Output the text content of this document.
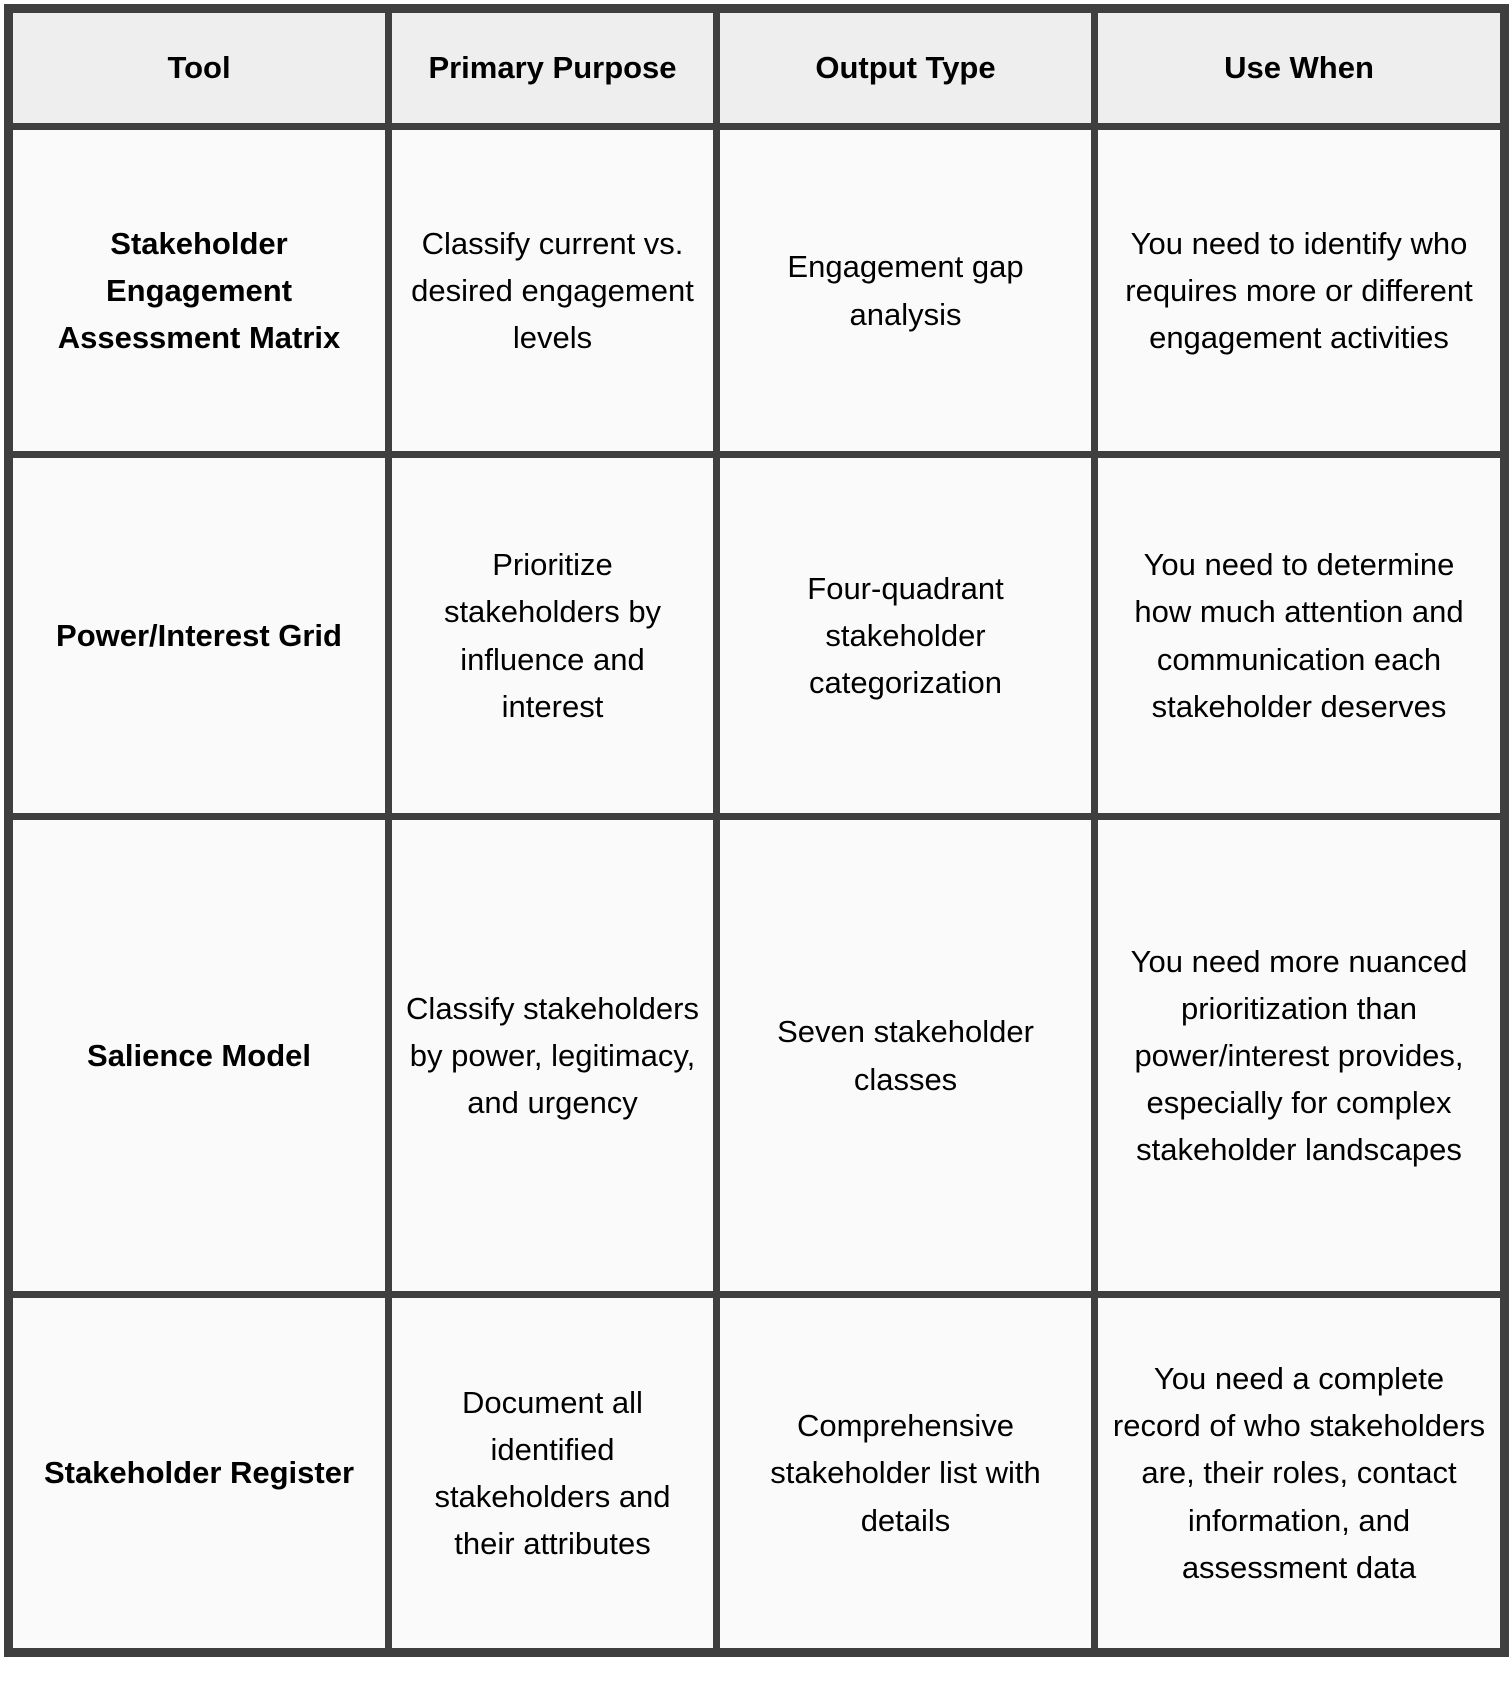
Tool	Primary Purpose	Output Type	Use When
Stakeholder Engagement Assessment Matrix	Classify current vs. desired engagement levels	Engagement gap analysis	You need to identify who requires more or different engagement activities
Power/Interest Grid	Prioritize stakeholders by influence and interest	Four-quadrant stakeholder categorization	You need to determine how much attention and communication each stakeholder deserves
Salience Model	Classify stakeholders by power, legitimacy, and urgency	Seven stakeholder classes	You need more nuanced prioritization than power/interest provides, especially for complex stakeholder landscapes
Stakeholder Register	Document all identified stakeholders and their attributes	Comprehensive stakeholder list with details	You need a complete record of who stakeholders are, their roles, contact information, and assessment data
